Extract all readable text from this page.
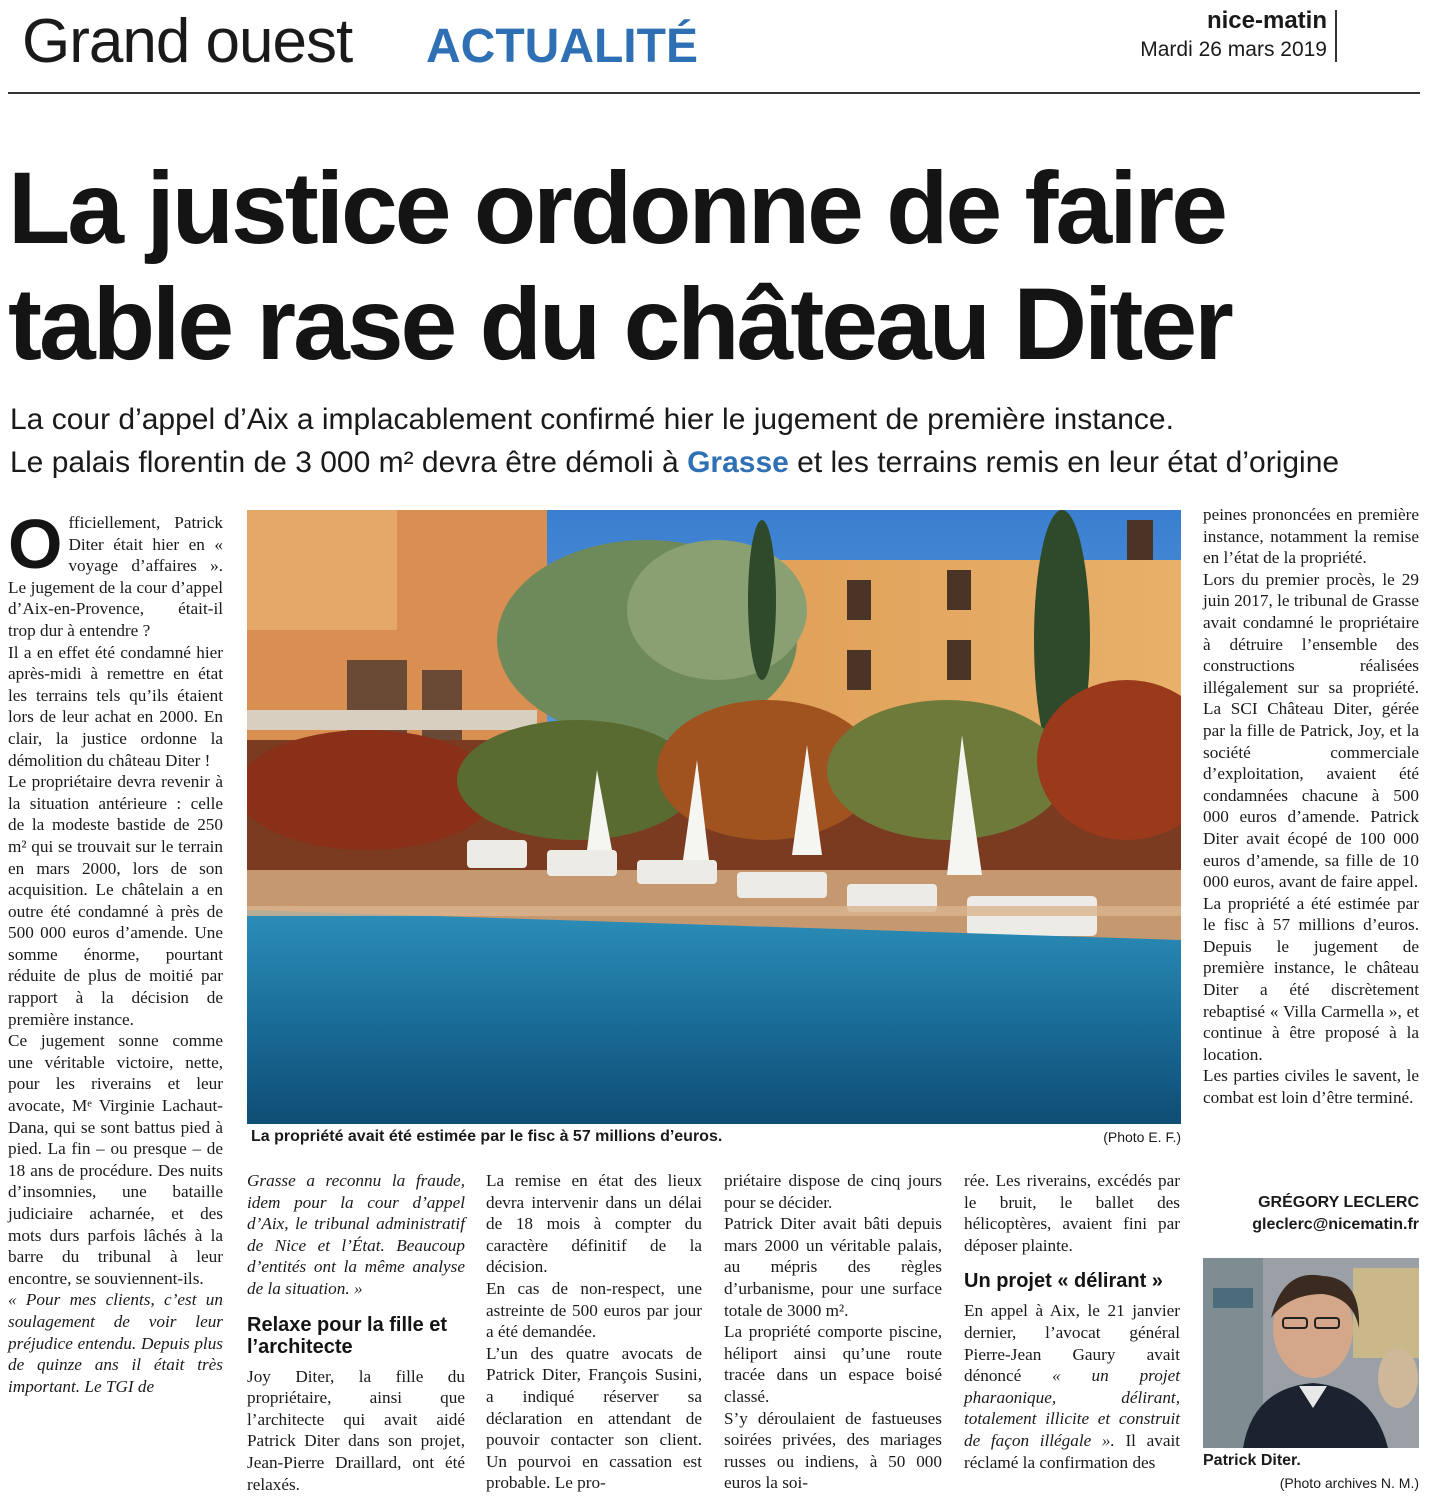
Grand ouest ACTUALITÉ	nice-matin
Mardi 26 mars 2019
La justice ordonne de faire
table rase du château Diter
La cour d’appel d’Aix a implacablement confirmé hier le jugement de première instance.
Le palais florentin de 3 000 m² devra être démoli à Grasse et les terrains remis en leur état d’origine

Officiellement, Patrick Diter était hier en « voyage d’affaires ». Le jugement de la cour d’appel d’Aix-en-Provence, était-il trop dur à entendre ?

Il a en effet été condamné hier après-midi à remettre en état les terrains tels qu’ils étaient lors de leur achat en 2000. En clair, la justice ordonne la démolition du château Diter !

Le propriétaire devra revenir à la situation antérieure : celle de la modeste bastide de 250 m² qui se trouvait sur le terrain en mars 2000, lors de son acquisition. Le châtelain a en outre été condamné à près de 500 000 euros d’amende. Une somme énorme, pourtant réduite de plus de moitié par rapport à la décision de première instance.

Ce jugement sonne comme une véritable victoire, nette, pour les riverains et leur avocate, Mᵉ Virginie Lachaut-Dana, qui se sont battus pied à pied. La fin – ou presque – de 18 ans de procédure. Des nuits d’insomnies, une bataille judiciaire acharnée, et des mots durs parfois lâchés à la barre du tribunal à leur encontre, se souviennent-ils.

« Pour mes clients, c’est un soulagement de voir leur préjudice entendu. Depuis plus de quinze ans il était très important. Le TGI de

La propriété avait été estimée par le fisc à 57 millions d’euros.	(Photo E. F.)

Grasse a reconnu la fraude, idem pour la cour d’appel d’Aix, le tribunal administratif de Nice et l’État. Beaucoup d’entités ont la même analyse de la situation. »

Relaxe pour la fille et l’architecte

Joy Diter, la fille du propriétaire, ainsi que l’architecte qui avait aidé Patrick Diter dans son projet, Jean-Pierre Draillard, ont été relaxés.

La remise en état des lieux devra intervenir dans un délai de 18 mois à compter du caractère définitif de la décision.

En cas de non-respect, une astreinte de 500 euros par jour a été demandée.

L’un des quatre avocats de Patrick Diter, François Susini, a indiqué réserver sa déclaration en attendant de pouvoir contacter son client. Un pourvoi en cassation est probable. Le pro-

priétaire dispose de cinq jours pour se décider.

Patrick Diter avait bâti depuis mars 2000 un véritable palais, au mépris des règles d’urbanisme, pour une surface totale de 3000 m².

La propriété comporte piscine, héliport ainsi qu’une route tracée dans un espace boisé classé.

S’y déroulaient de fastueuses soirées privées, des mariages russes ou indiens, à 50 000 euros la soi-

rée. Les riverains, excédés par le bruit, le ballet des hélicoptères, avaient fini par déposer plainte.

Un projet « délirant »

En appel à Aix, le 21 janvier dernier, l’avocat général Pierre-Jean Gaury avait dénoncé « un projet pharaonique, délirant, totalement illicite et construit de façon illégale ». Il avait réclamé la confirmation des

peines prononcées en première instance, notamment la remise en l’état de la propriété.

Lors du premier procès, le 29 juin 2017, le tribunal de Grasse avait condamné le propriétaire à détruire l’ensemble des constructions réalisées illégalement sur sa propriété. La SCI Château Diter, gérée par la fille de Patrick, Joy, et la société commerciale d’exploitation, avaient été condamnées chacune à 500 000 euros d’amende. Patrick Diter avait écopé de 100 000 euros d’amende, sa fille de 10 000 euros, avant de faire appel.

La propriété a été estimée par le fisc à 57 millions d’euros. Depuis le jugement de première instance, le château Diter a été discrètement rebaptisé « Villa Carmella », et continue à être proposé à la location.

Les parties civiles le savent, le combat est loin d’être terminé.

GRÉGORY LECLERC
gleclerc@nicematin.fr
Patrick Diter.
(Photo archives N. M.)
